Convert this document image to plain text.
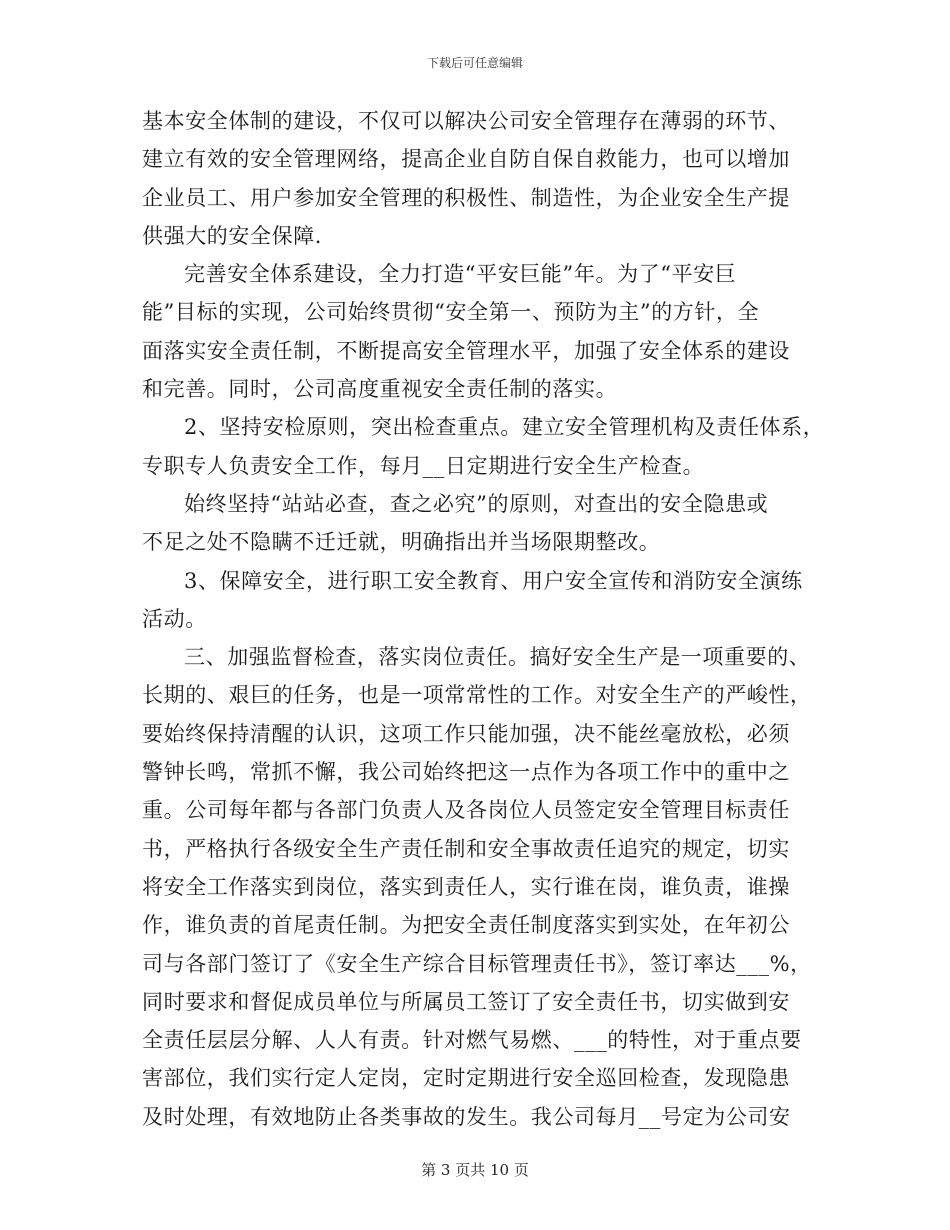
下载后可任意编辑
基本安全体制的建设，不仅可以解决公司安全管理存在薄弱的环节、
建立有效的安全管理网络，提高企业自防自保自救能力，也可以增加
企业员工、用户参加安全管理的积极性、制造性，为企业安全生产提
供强大的安全保障.
完善安全体系建设，全力打造“平安巨能”年。为了“平安巨
能”目标的实现，公司始终贯彻“安全第一、预防为主”的方针，全
面落实安全责任制，不断提高安全管理水平，加强了安全体系的建设
和完善。同时，公司高度重视安全责任制的落实。
2、坚持安检原则，突出检查重点。建立安全管理机构及责任体系，
专职专人负责安全工作，每月__日定期进行安全生产检查。
始终坚持“站站必查，查之必究”的原则，对查出的安全隐患或
不足之处不隐瞒不迁迁就，明确指出并当场限期整改。
3、保障安全，进行职工安全教育、用户安全宣传和消防安全演练
活动。
三、加强监督检查，落实岗位责任。搞好安全生产是一项重要的、
长期的、艰巨的任务，也是一项常常性的工作。对安全生产的严峻性，
要始终保持清醒的认识，这项工作只能加强，决不能丝毫放松，必须
警钟长鸣，常抓不懈，我公司始终把这一点作为各项工作中的重中之
重。公司每年都与各部门负责人及各岗位人员签定安全管理目标责任
书，严格执行各级安全生产责任制和安全事故责任追究的规定，切实
将安全工作落实到岗位，落实到责任人，实行谁在岗，谁负责，谁操
作，谁负责的首尾责任制。为把安全责任制度落实到实处，在年初公
司与各部门签订了《安全生产综合目标管理责任书》，签订率达___%，
同时要求和督促成员单位与所属员工签订了安全责任书，切实做到安
全责任层层分解、人人有责。针对燃气易燃、___的特性，对于重点要
害部位，我们实行定人定岗，定时定期进行安全巡回检查，发现隐患
及时处理，有效地防止各类事故的发生。我公司每月__号定为公司安
第 3 页共 10 页
